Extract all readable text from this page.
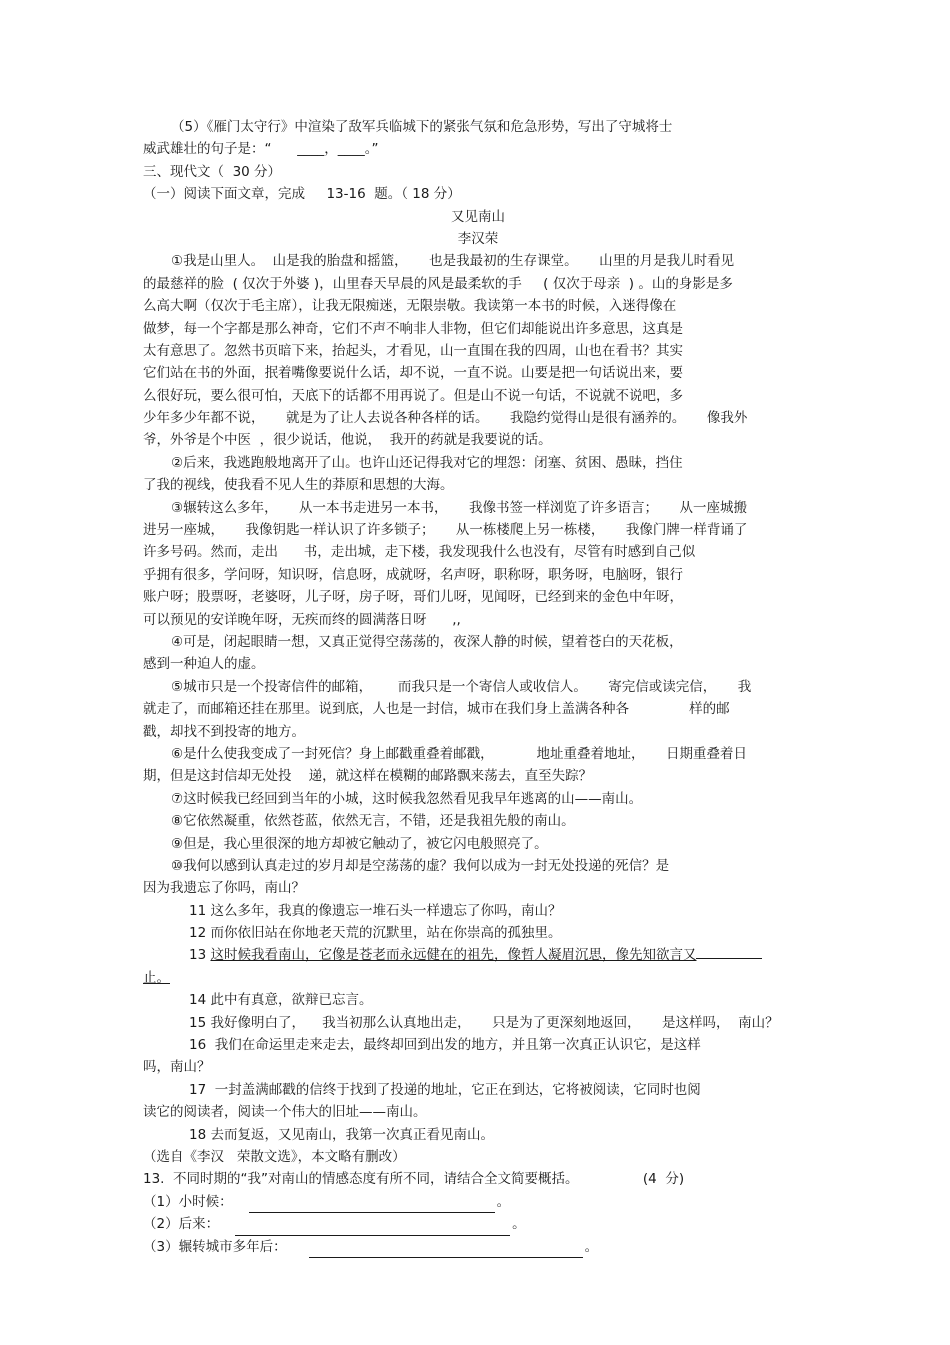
（5）《雁门太守行》中渲染了敌军兵临城下的紧张气氛和危急形势，写出了守城将士
威武雄壮的句子是：“      ____，____。”
三、现代文（  30 分）
（一）阅读下面文章，完成     13-16  题。（ 18 分）
又见南山
李汉荣
①我是山里人。  山是我的胎盘和摇篮，     也是我最初的生存课堂。     山里的月是我儿时看见
的最慈祥的脸  ( 仅次于外婆 )，山里春天早晨的风是最柔软的手     ( 仅次于母亲  ) 。山的身影是多
么高大啊（仅次于毛主席），让我无限痴迷，无限崇敬。我读第一本书的时候，入迷得像在
做梦，每一个字都是那么神奇，它们不声不响非人非物，但它们却能说出许多意思，这真是
太有意思了。忽然书页暗下来，抬起头，才看见，山一直围在我的四周，山也在看书？其实
它们站在书的外面，抿着嘴像要说什么话，却不说，一直不说。山要是把一句话说出来，要
么很好玩，要么很可怕，天底下的话都不用再说了。但是山不说一句话，不说就不说吧，多
少年多少年都不说，     就是为了让人去说各种各样的话。     我隐约觉得山是很有涵养的。     像我外
爷，外爷是个中医  ，很少说话，他说，  我开的药就是我要说的话。
②后来，我逃跑般地离开了山。也许山还记得我对它的埋怨：闭塞、贫困、愚昧，挡住
了我的视线，使我看不见人生的莽原和思想的大海。
③辗转这么多年，     从一本书走进另一本书，     我像书签一样浏览了许多语言；     从一座城搬
进另一座城，     我像钥匙一样认识了许多锁子；     从一栋楼爬上另一栋楼，     我像门牌一样背诵了
许多号码。然而，走出      书，走出城，走下楼，我发现我什么也没有，尽管有时感到自己似
乎拥有很多，学问呀，知识呀，信息呀，成就呀，名声呀，职称呀，职务呀，电脑呀，银行
账户呀；股票呀，老婆呀，儿子呀，房子呀，哥们儿呀，见闻呀，已经到来的金色中年呀，
可以预见的安详晚年呀，无疾而终的圆满落日呀      ,,
④可是，闭起眼睛一想，又真正觉得空荡荡的，夜深人静的时候，望着苍白的天花板，
感到一种迫人的虚。
⑤城市只是一个投寄信件的邮箱，      而我只是一个寄信人或收信人。     寄完信或读完信，     我
就走了，而邮箱还挂在那里。说到底，人也是一封信，城市在我们身上盖满各种各              样的邮
戳，却找不到投寄的地方。
⑥是什么使我变成了一封死信？身上邮戳重叠着邮戳，          地址重叠着地址，     日期重叠着日
期，但是这封信却无处投    递，就这样在模糊的邮路飘来荡去，直至失踪？
⑦这时候我已经回到当年的小城，这时候我忽然看见我早年逃离的山——南山。
⑧它依然凝重，依然苍蓝，依然无言，不错，还是我祖先般的南山。
⑨但是，我心里很深的地方却被它触动了，被它闪电般照亮了。
⑩我何以感到认真走过的岁月却是空荡荡的虚？我何以成为一封无处投递的死信？是
因为我遗忘了你吗，南山？
11 这么多年，我真的像遗忘一堆石头一样遗忘了你吗，南山？
12 而你依旧站在你地老天荒的沉默里，站在你崇高的孤独里。
13 这时候我看南山，它像是苍老而永远健在的祖先，像哲人凝眉沉思，像先知欲言又
止。
14 此中有真意，欲辩已忘言。
15 我好像明白了，    我当初那么认真地出走，     只是为了更深刻地返回，     是这样吗，  南山？
16  我们在命运里走来走去，最终却回到出发的地方，并且第一次真正认识它，是这样
吗，南山？
17  一封盖满邮戳的信终于找到了投递的地址，它正在到达，它将被阅读，它同时也阅
读它的阅读者，阅读一个伟大的旧址——南山。
18 去而复返，又见南山，我第一次真正看见南山。
（选自《李汉   荣散文选》，本文略有删改）
13.  不同时期的“我”对南山的情感态度有所不同，请结合全文简要概括。               (4  分)
（1）小时候：	。
（2）后来：	。
（3）辗转城市多年后：	。
